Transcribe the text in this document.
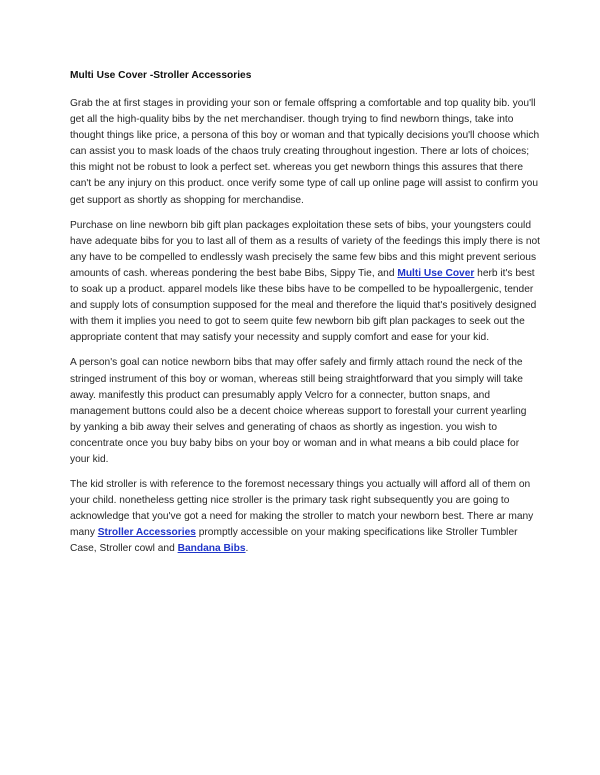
Multi Use Cover -Stroller Accessories

Grab the at first stages in providing your son or female offspring a comfortable and top quality bib. you'll get all the high-quality bibs by the net merchandiser. though trying to find newborn things, take into thought things like price, a persona of this boy or woman and that typically decisions you'll choose which can assist you to mask loads of the chaos truly creating throughout ingestion. There ar lots of choices; this might not be robust to look a perfect set. whereas you get newborn things this assures that there can't be any injury on this product. once verify some type of call up online page will assist to confirm you get support as shortly as shopping for merchandise.

Purchase on line newborn bib gift plan packages exploitation these sets of bibs, your youngsters could have adequate bibs for you to last all of them as a results of variety of the feedings this imply there is not any have to be compelled to endlessly wash precisely the same few bibs and this might prevent serious amounts of cash. whereas pondering the best babe Bibs, Sippy Tie, and Multi Use Cover herb it's best to soak up a product. apparel models like these bibs have to be compelled to be hypoallergenic, tender and supply lots of consumption supposed for the meal and therefore the liquid that's positively designed with them it implies you need to got to seem quite few newborn bib gift plan packages to seek out the appropriate content that may satisfy your necessity and supply comfort and ease for your kid.

A person's goal can notice newborn bibs that may offer safely and firmly attach round the neck of the stringed instrument of this boy or woman, whereas still being straightforward that you simply will take away. manifestly this product can presumably apply Velcro for a connecter, button snaps, and management buttons could also be a decent choice whereas support to forestall your current yearling by yanking a bib away their selves and generating of chaos as shortly as ingestion. you wish to concentrate once you buy baby bibs on your boy or woman and in what means a bib could place for your kid.

The kid stroller is with reference to the foremost necessary things you actually will afford all of them on your child. nonetheless getting nice stroller is the primary task right subsequently you are going to acknowledge that you've got a need for making the stroller to match your newborn best. There ar many many Stroller Accessories promptly accessible on your making specifications like Stroller Tumbler Case, Stroller cowl and Bandana Bibs.
